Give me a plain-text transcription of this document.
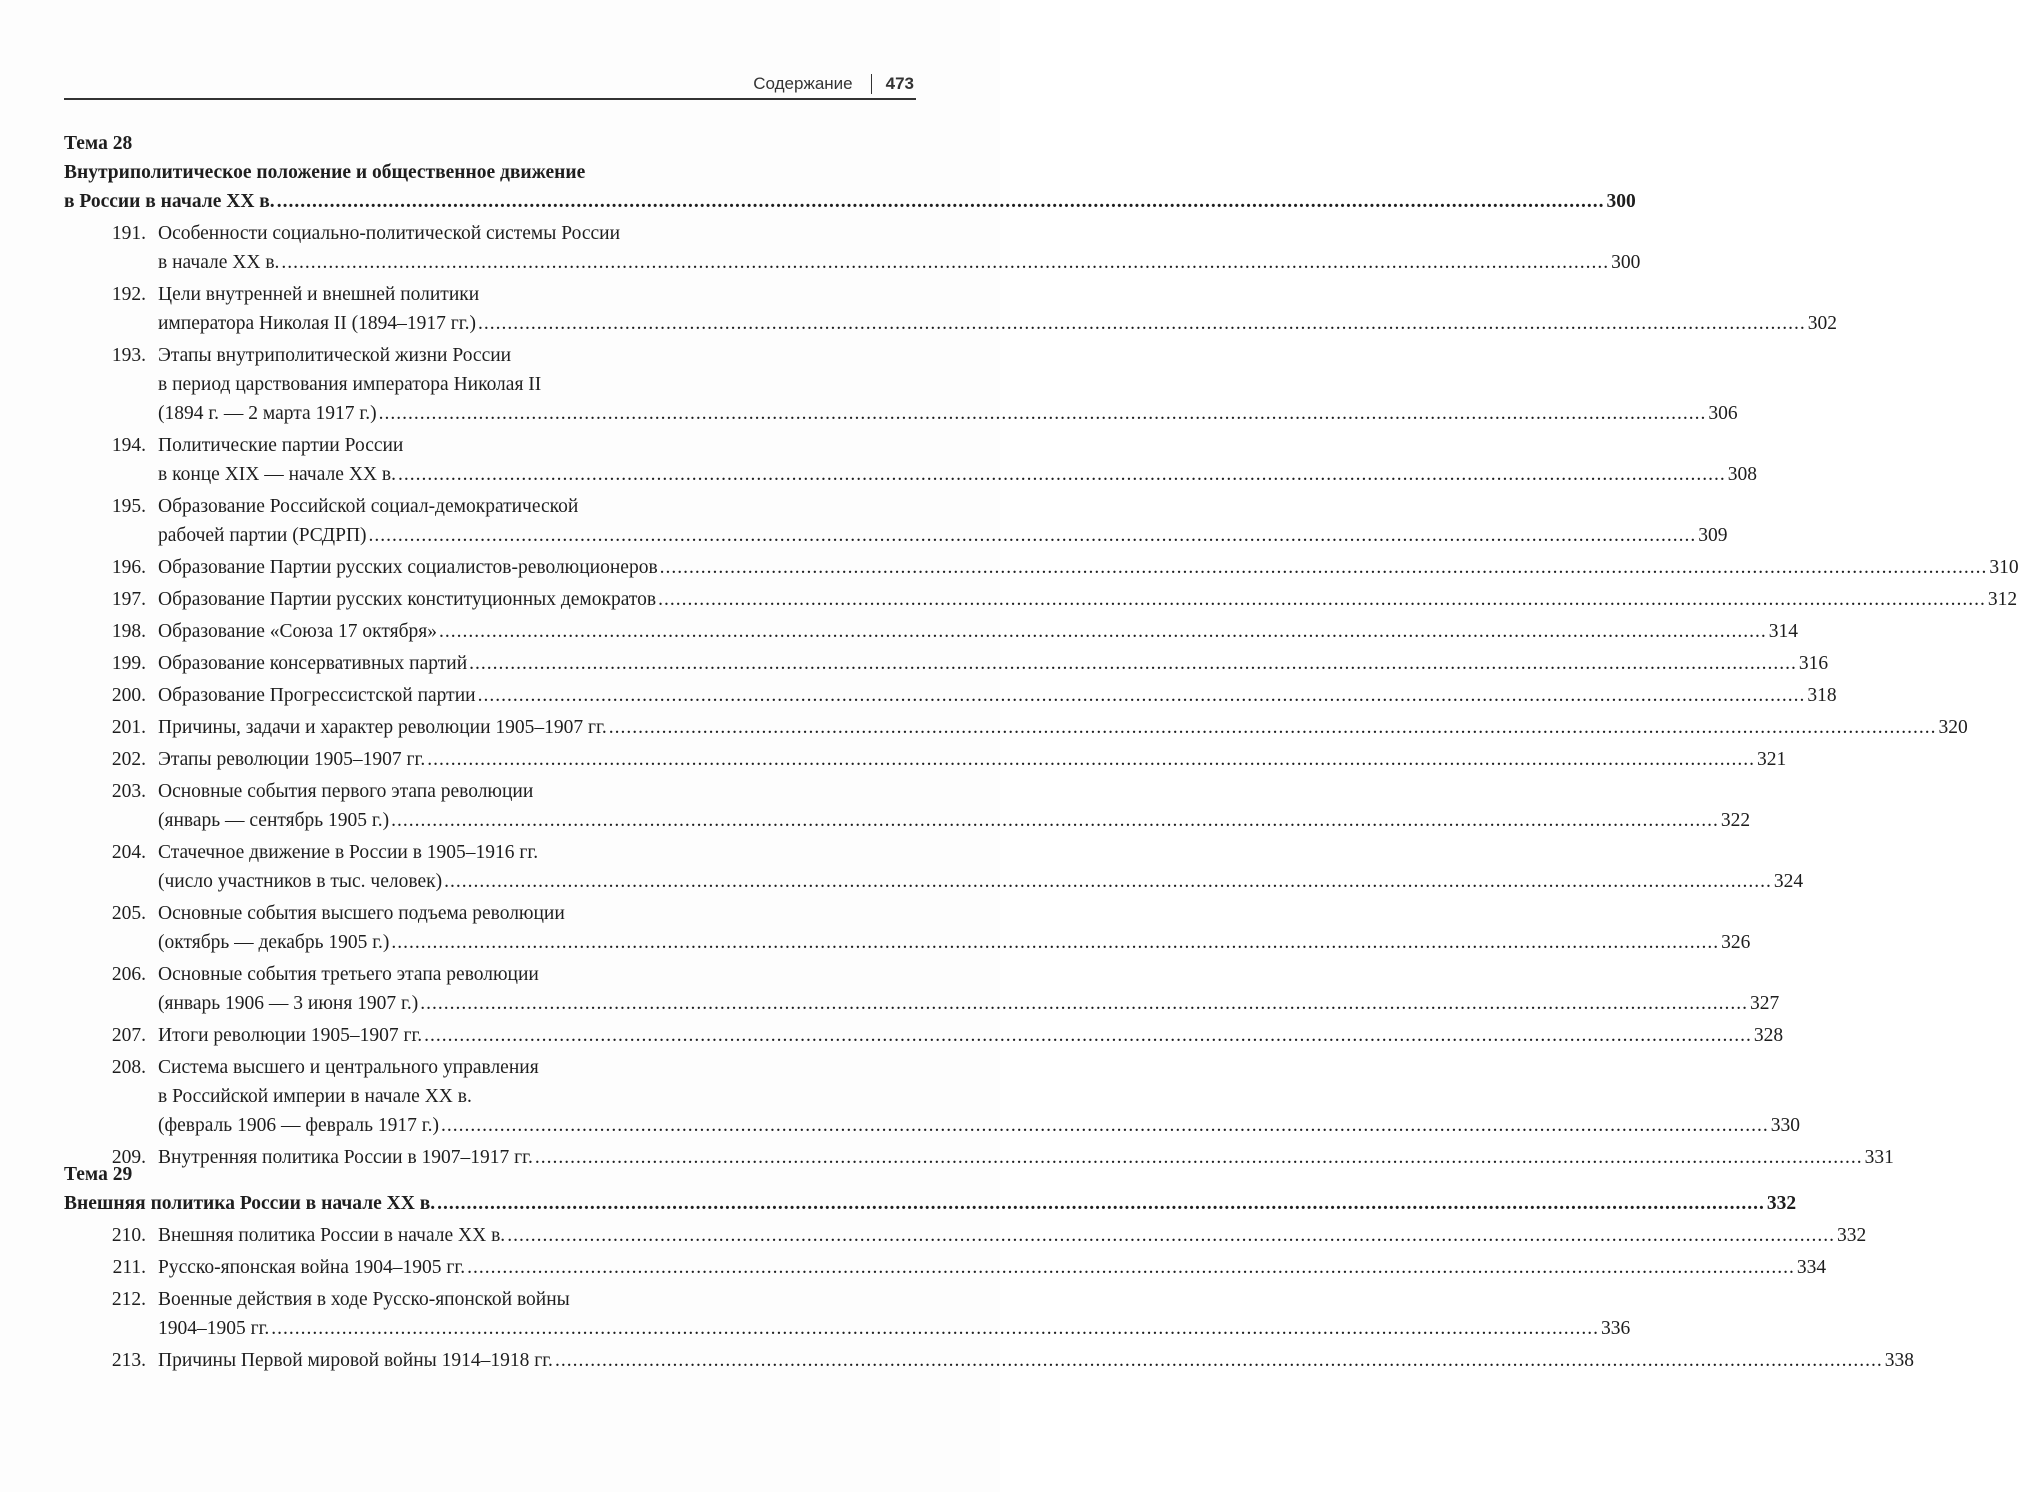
Содержание 473
Тема 28
Внутриполитическое положение и общественное движение
в России в начале XX в. .....	300
191. Особенности социально-политической системы России
в начале XX в. .....	300
192. Цели внутренней и внешней политики
императора Николая II (1894–1917 гг.) .....	302
193. Этапы внутриполитической жизни России
в период царствования императора Николая II
(1894 г. — 2 марта 1917 г.) .....	306
194. Политические партии России
в конце XIX — начале XX в. .....	308
195. Образование Российской социал-демократической
рабочей партии (РСДРП) .....	309
196. Образование Партии русских социалистов-революционеров .....	310
197. Образование Партии русских конституционных демократов .....	312
198. Образование «Союза 17 октября» .....	314
199. Образование консервативных партий .....	316
200. Образование Прогрессистской партии .....	318
201. Причины, задачи и характер революции 1905–1907 гг. .....	320
202. Этапы революции 1905–1907 гг. .....	321
203. Основные события первого этапа революции
(январь — сентябрь 1905 г.) .....	322
204. Стачечное движение в России в 1905–1916 гг.
(число участников в тыс. человек) .....	324
205. Основные события высшего подъема революции
(октябрь — декабрь 1905 г.) .....	326
206. Основные события третьего этапа революции
(январь 1906 — 3 июня 1907 г.) .....	327
207. Итоги революции 1905–1907 гг. .....	328
208. Система высшего и центрального управления
в Российской империи в начале XX в.
(февраль 1906 — февраль 1917 г.) .....	330
209. Внутренняя политика России в 1907–1917 гг. .....	331
Тема 29
Внешняя политика России в начале XX в. .....	332
210. Внешняя политика России в начале XX в. .....	332
211. Русско-японская война 1904–1905 гг. .....	334
212. Военные действия в ходе Русско-японской войны
1904–1905 гг. .....	336
213. Причины Первой мировой войны 1914–1918 гг. .....	338
